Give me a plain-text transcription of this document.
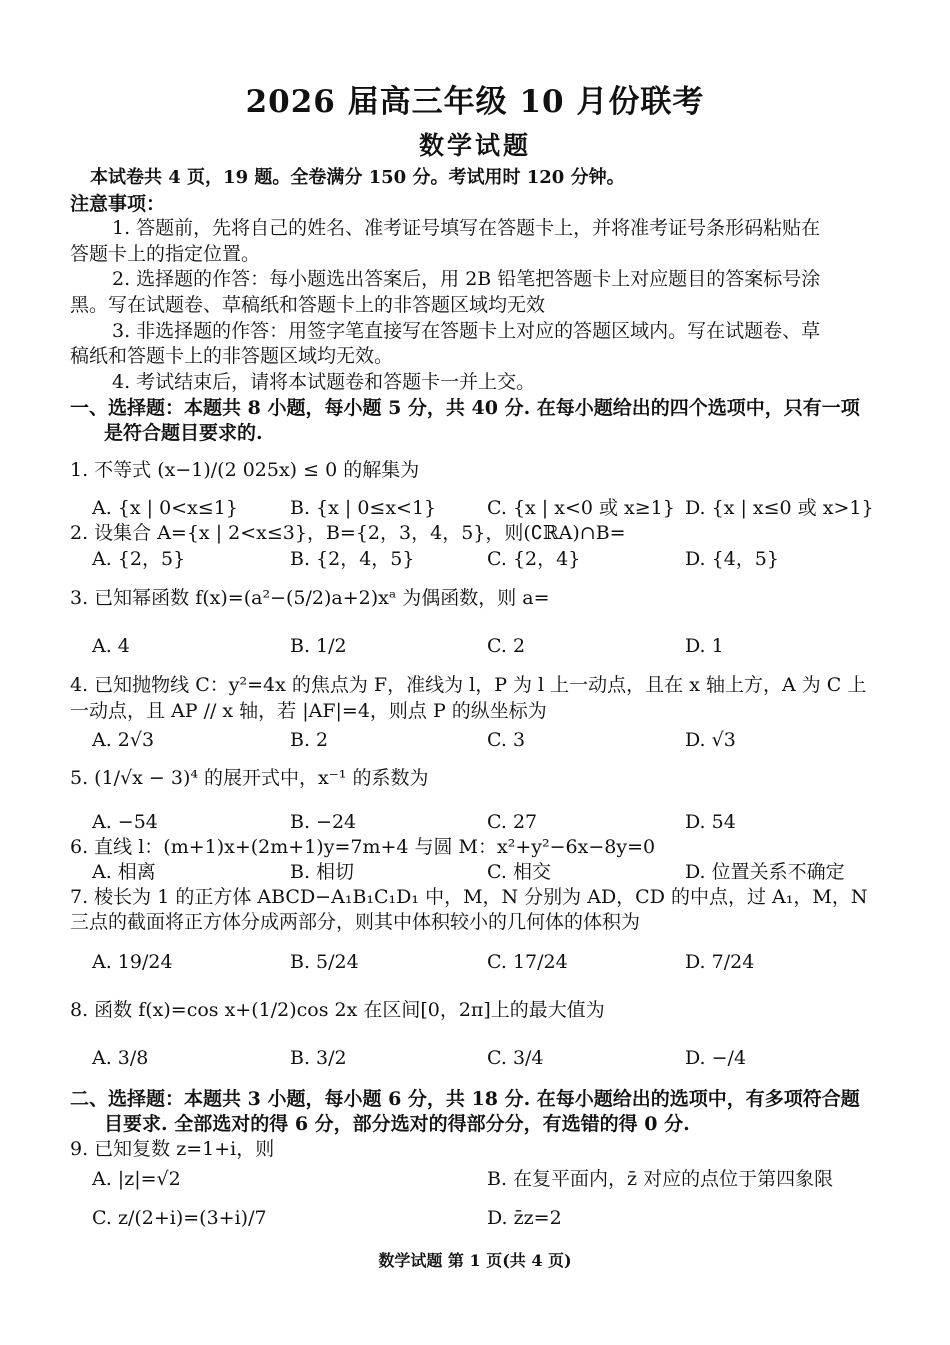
2026 届高三年级 10 月份联考
数学试题
本试卷共 4 页，19 题。全卷满分 150 分。考试用时 120 分钟。
注意事项：
1. 答题前，先将自己的姓名、准考证号填写在答题卡上，并将准考证号条形码粘贴在
答题卡上的指定位置。
2. 选择题的作答：每小题选出答案后，用 2B 铅笔把答题卡上对应题目的答案标号涂
黑。写在试题卷、草稿纸和答题卡上的非答题区域均无效
3. 非选择题的作答：用签字笔直接写在答题卡上对应的答题区域内。写在试题卷、草
稿纸和答题卡上的非答题区域均无效。
4. 考试结束后，请将本试题卷和答题卡一并上交。
一、选择题：本题共 8 小题，每小题 5 分，共 40 分. 在每小题给出的四个选项中，只有一项
是符合题目要求的.
1. 不等式 (x−1)/(2 025x) ≤ 0 的解集为
A. {x | 0<x≤1}	B. {x | 0≤x<1}	C. {x | x<0 或 x≥1} D. {x | x≤0 或 x>1}
2. 设集合 A={x | 2<x≤3}，B={2，3，4，5}，则(∁ℝA)∩B=
A. {2，5}	B. {2，4，5}	C. {2，4}	D. {4，5}
3. 已知幂函数 f(x)=(a²−(5/2)a+2)xᵃ 为偶函数，则 a=
A. 4	B. 1/2	C. 2	D. 1
4. 已知抛物线 C：y²=4x 的焦点为 F，准线为 l，P 为 l 上一动点，且在 x 轴上方，A 为 C 上
一动点，且 AP // x 轴，若 |AF|=4，则点 P 的纵坐标为
A. 2√3	B. 2	C. 3	D. √3
5. (1/√x − 3)⁴ 的展开式中，x⁻¹ 的系数为
A. −54	B. −24	C. 27	D. 54
6. 直线 l：(m+1)x+(2m+1)y=7m+4 与圆 M：x²+y²−6x−8y=0
A. 相离	B. 相切	C. 相交	D. 位置关系不确定
7. 棱长为 1 的正方体 ABCD−A₁B₁C₁D₁ 中，M，N 分别为 AD，CD 的中点，过 A₁，M，N
三点的截面将正方体分成两部分，则其中体积较小的几何体的体积为
A. 19/24	B. 5/24	C. 17/24	D. 7/24
8. 函数 f(x)=cos x+(1/2)cos 2x 在区间[0，2π]上的最大值为
A. 3/8	B. 3/2	C. 3/4	D. −/4
二、选择题：本题共 3 小题，每小题 6 分，共 18 分. 在每小题给出的选项中，有多项符合题
目要求. 全部选对的得 6 分，部分选对的得部分分，有选错的得 0 分.
9. 已知复数 z=1+i，则
A. |z|=√2	B. 在复平面内，z̄ 对应的点位于第四象限
C. z/(2+i)=(3+i)/7	D. z̄z=2
数学试题 第 1 页(共 4 页)
